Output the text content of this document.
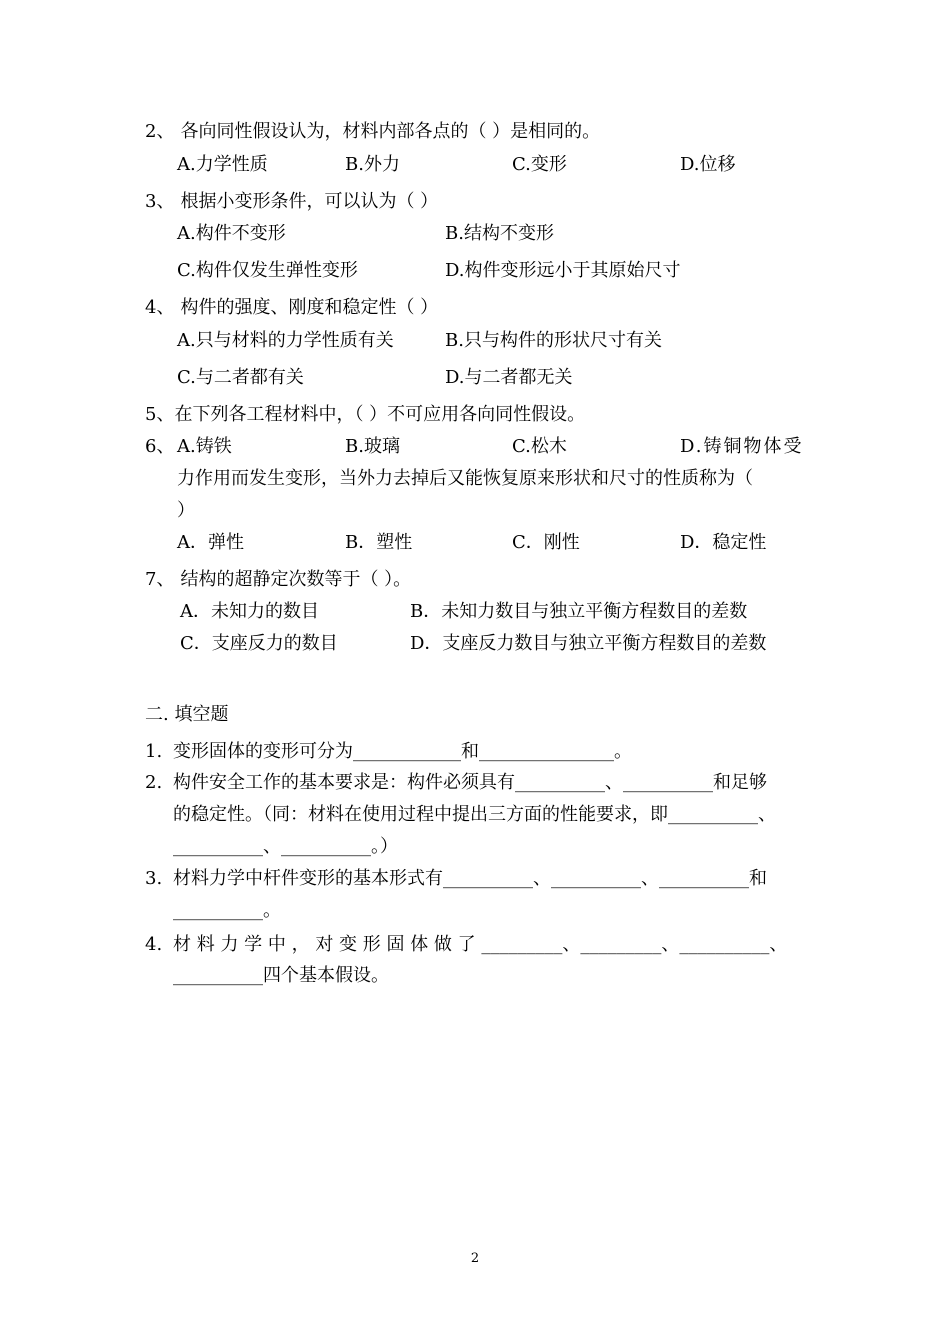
2、 各向同性假设认为，材料内部各点的（ ）是相同的。
A.力学性质	B.外力	C.变形	D.位移
3、 根据小变形条件，可以认为（ ）
A.构件不变形	B.结构不变形
C.构件仅发生弹性变形	D.构件变形远小于其原始尺寸
4、 构件的强度、刚度和稳定性（ ）
A.只与材料的力学性质有关	B.只与构件的形状尺寸有关
C.与二者都有关	D.与二者都无关
5、在下列各工程材料中，（ ）不可应用各向同性假设。
6、 A.铸铁	B.玻璃	C.松木	D.铸铜物体受
力作用而发生变形，当外力去掉后又能恢复原来形状和尺寸的性质称为（
）
A．弹性	B．塑性	C．刚性	D．稳定性
7、 结构的超静定次数等于（ ）。
A．未知力的数目	B．未知力数目与独立平衡方程数目的差数
C．支座反力的数目	D．支座反力数目与独立平衡方程数目的差数
二. 填空题
1. 变形固体的变形可分为____________和_______________。
2. 构件安全工作的基本要求是：构件必须具有__________、__________和足够
的稳定性。（同：材料在使用过程中提出三方面的性能要求，即__________、
__________、__________。）
3. 材料力学中杆件变形的基本形式有__________、__________、__________和
__________。
4. 材 料 力 学 中 ， 对 变 形 固 体 做 了 _________、_________、__________、
__________四个基本假设。
2
